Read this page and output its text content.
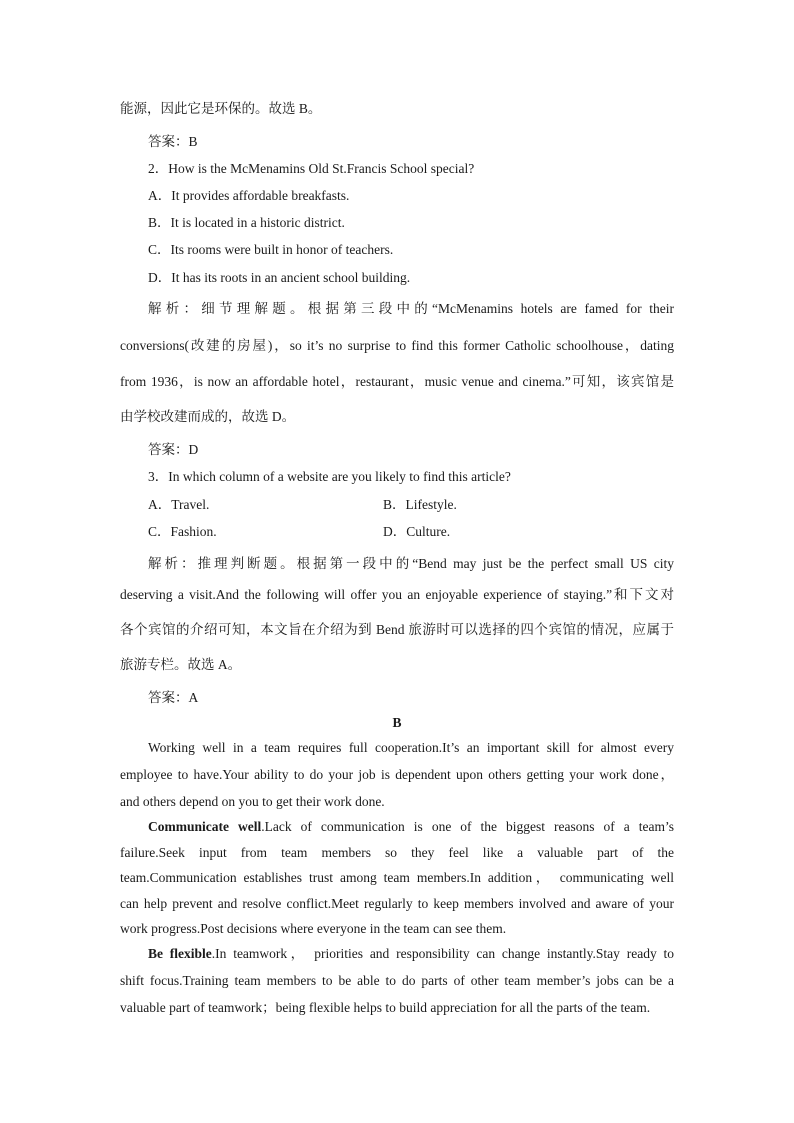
能源，因此它是环保的。故选 B。
答案：B
2．How is the McMenamins Old St.Francis School special?
A．It provides affordable breakfasts.
B．It is located in a historic district.
C．Its rooms were built in honor of teachers.
D．It has its roots in an ancient school building.
解析：细节理解题。根据第三段中的“McMenamins hotels are famed for their
conversions(改建的房屋)，so it’s no surprise to find this former Catholic schoolhouse，dating
from 1936，is now an affordable hotel，restaurant，music venue and cinema.”可知，该宾馆是
由学校改建而成的，故选 D。
答案：D
3．In which column of a website are you likely to find this article?
A．Travel.	B．Lifestyle.
C．Fashion.	D．Culture.
解析：推理判断题。根据第一段中的“Bend may just be the perfect small US city
deserving a visit.And the following will offer you an enjoyable experience of staying.”和下文对
各个宾馆的介绍可知，本文旨在介绍为到 Bend 旅游时可以选择的四个宾馆的情况，应属于
旅游专栏。故选 A。
答案：A
B
Working well in a team requires full cooperation.It’s an important skill for almost every
employee to have.Your ability to do your job is dependent upon others getting your work done，
and others depend on you to get their work done.
Communicate well.Lack of communication is one of the biggest reasons of a team’s
failure.Seek input from team members so they feel like a valuable part of the
team.Communication establishes trust among team members.In addition， communicating well
can help prevent and resolve conflict.Meet regularly to keep members involved and aware of your
work progress.Post decisions where everyone in the team can see them.
Be flexible.In teamwork， priorities and responsibility can change instantly.Stay ready to
shift focus.Training team members to be able to do parts of other team member’s jobs can be a
valuable part of teamwork；being flexible helps to build appreciation for all the parts of the team.
